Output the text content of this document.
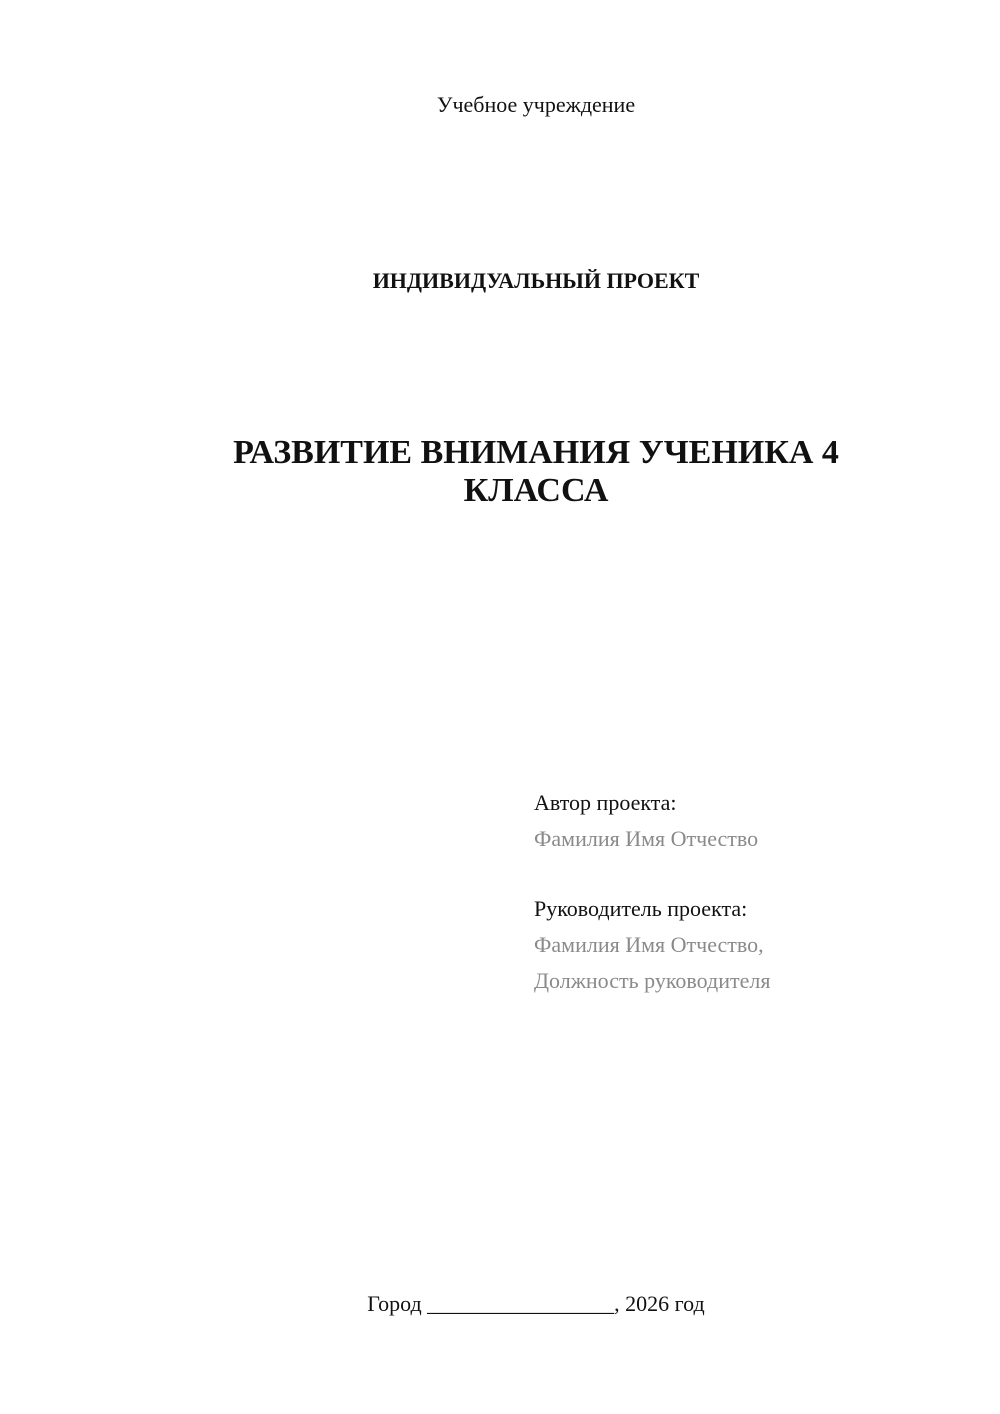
Учебное учреждение
ИНДИВИДУАЛЬНЫЙ ПРОЕКТ
РАЗВИТИЕ ВНИМАНИЯ УЧЕНИКА 4
КЛАССА
Автор проекта:
Фамилия Имя Отчество
Руководитель проекта:
Фамилия Имя Отчество,
Должность руководителя
Город _________________, 2026 год
